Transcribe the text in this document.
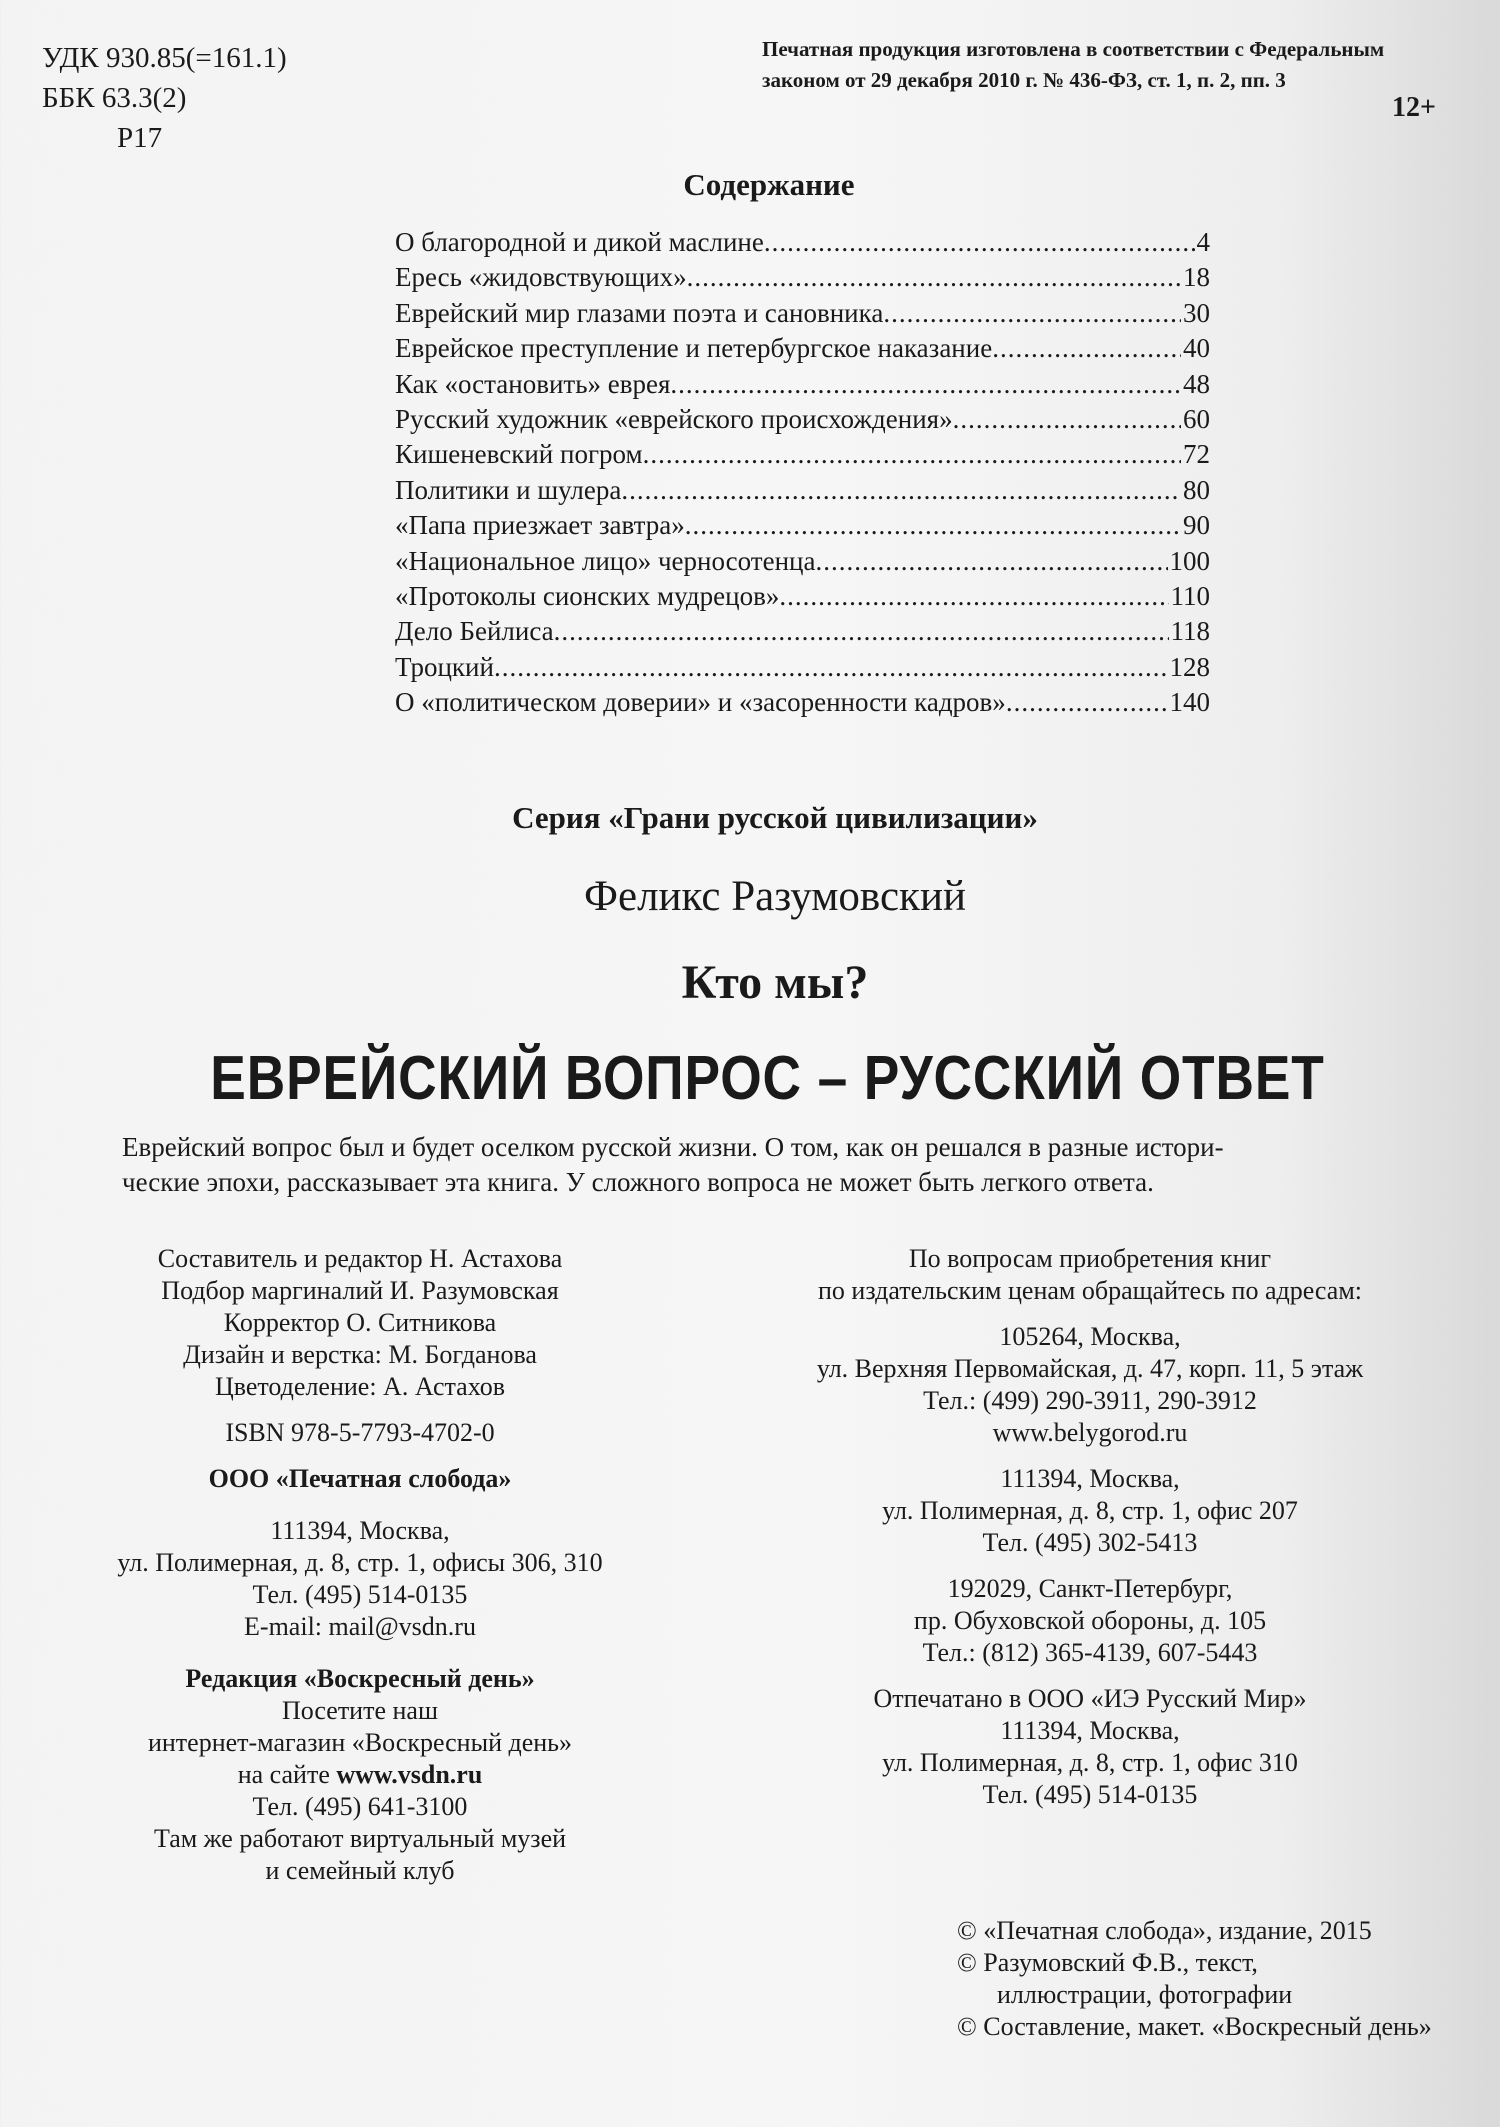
УДК 930.85(=161.1)
ББК 63.3(2)
Р17
Печатная продукция изготовлена в соответствии с Федеральным
законом от 29 декабря 2010 г. № 436-ФЗ, ст. 1, п. 2, пп. 3
12+
Содержание
О благородной и дикой маслине .....	4
Ересь «жидовствующих» .....	18
Еврейский мир глазами поэта и сановника .....	30
Еврейское преступление и петербургское наказание .....	40
Как «остановить» еврея .....	48
Русский художник «еврейского происхождения» .....	60
Кишеневский погром .....	72
Политики и шулера .....	80
«Папа приезжает завтра» .....	90
«Национальное лицо» черносотенца .....	100
«Протоколы сионских мудрецов» .....	110
Дело Бейлиса .....	118
Троцкий .....	128
О «политическом доверии» и «засоренности кадров» .....	140
Серия «Грани русской цивилизации»
Феликс Разумовский
Кто мы?
ЕВРЕЙСКИЙ ВОПРОС – РУССКИЙ ОТВЕТ
Еврейский вопрос был и будет оселком русской жизни. О том, как он решался в разные истори-
ческие эпохи, рассказывает эта книга. У сложного вопроса не может быть легкого ответа.
Составитель и редактор Н. Астахова
Подбор маргиналий И. Разумовская
Корректор О. Ситникова
Дизайн и верстка: М. Богданова
Цветоделение: А. Астахов
ISBN 978-5-7793-4702-0
ООО «Печатная слобода»
111394, Москва,
ул. Полимерная, д. 8, стр. 1, офисы 306, 310
Тел. (495) 514-0135
E-mail: mail@vsdn.ru
Редакция «Воскресный день»
Посетите наш
интернет-магазин «Воскресный день»
на сайте www.vsdn.ru
Тел. (495) 641-3100
Там же работают виртуальный музей
и семейный клуб
По вопросам приобретения книг
по издательским ценам обращайтесь по адресам:
105264, Москва,
ул. Верхняя Первомайская, д. 47, корп. 11, 5 этаж
Тел.: (499) 290-3911, 290-3912
www.belygorod.ru
111394, Москва,
ул. Полимерная, д. 8, стр. 1, офис 207
Тел. (495) 302-5413
192029, Санкт-Петербург,
пр. Обуховской обороны, д. 105
Тел.: (812) 365-4139, 607-5443
Отпечатано в ООО «ИЭ Русский Мир»
111394, Москва,
ул. Полимерная, д. 8, стр. 1, офис 310
Тел. (495) 514-0135
© «Печатная слобода», издание, 2015
© Разумовский Ф.В., текст,
иллюстрации, фотографии
© Составление, макет. «Воскресный день»
